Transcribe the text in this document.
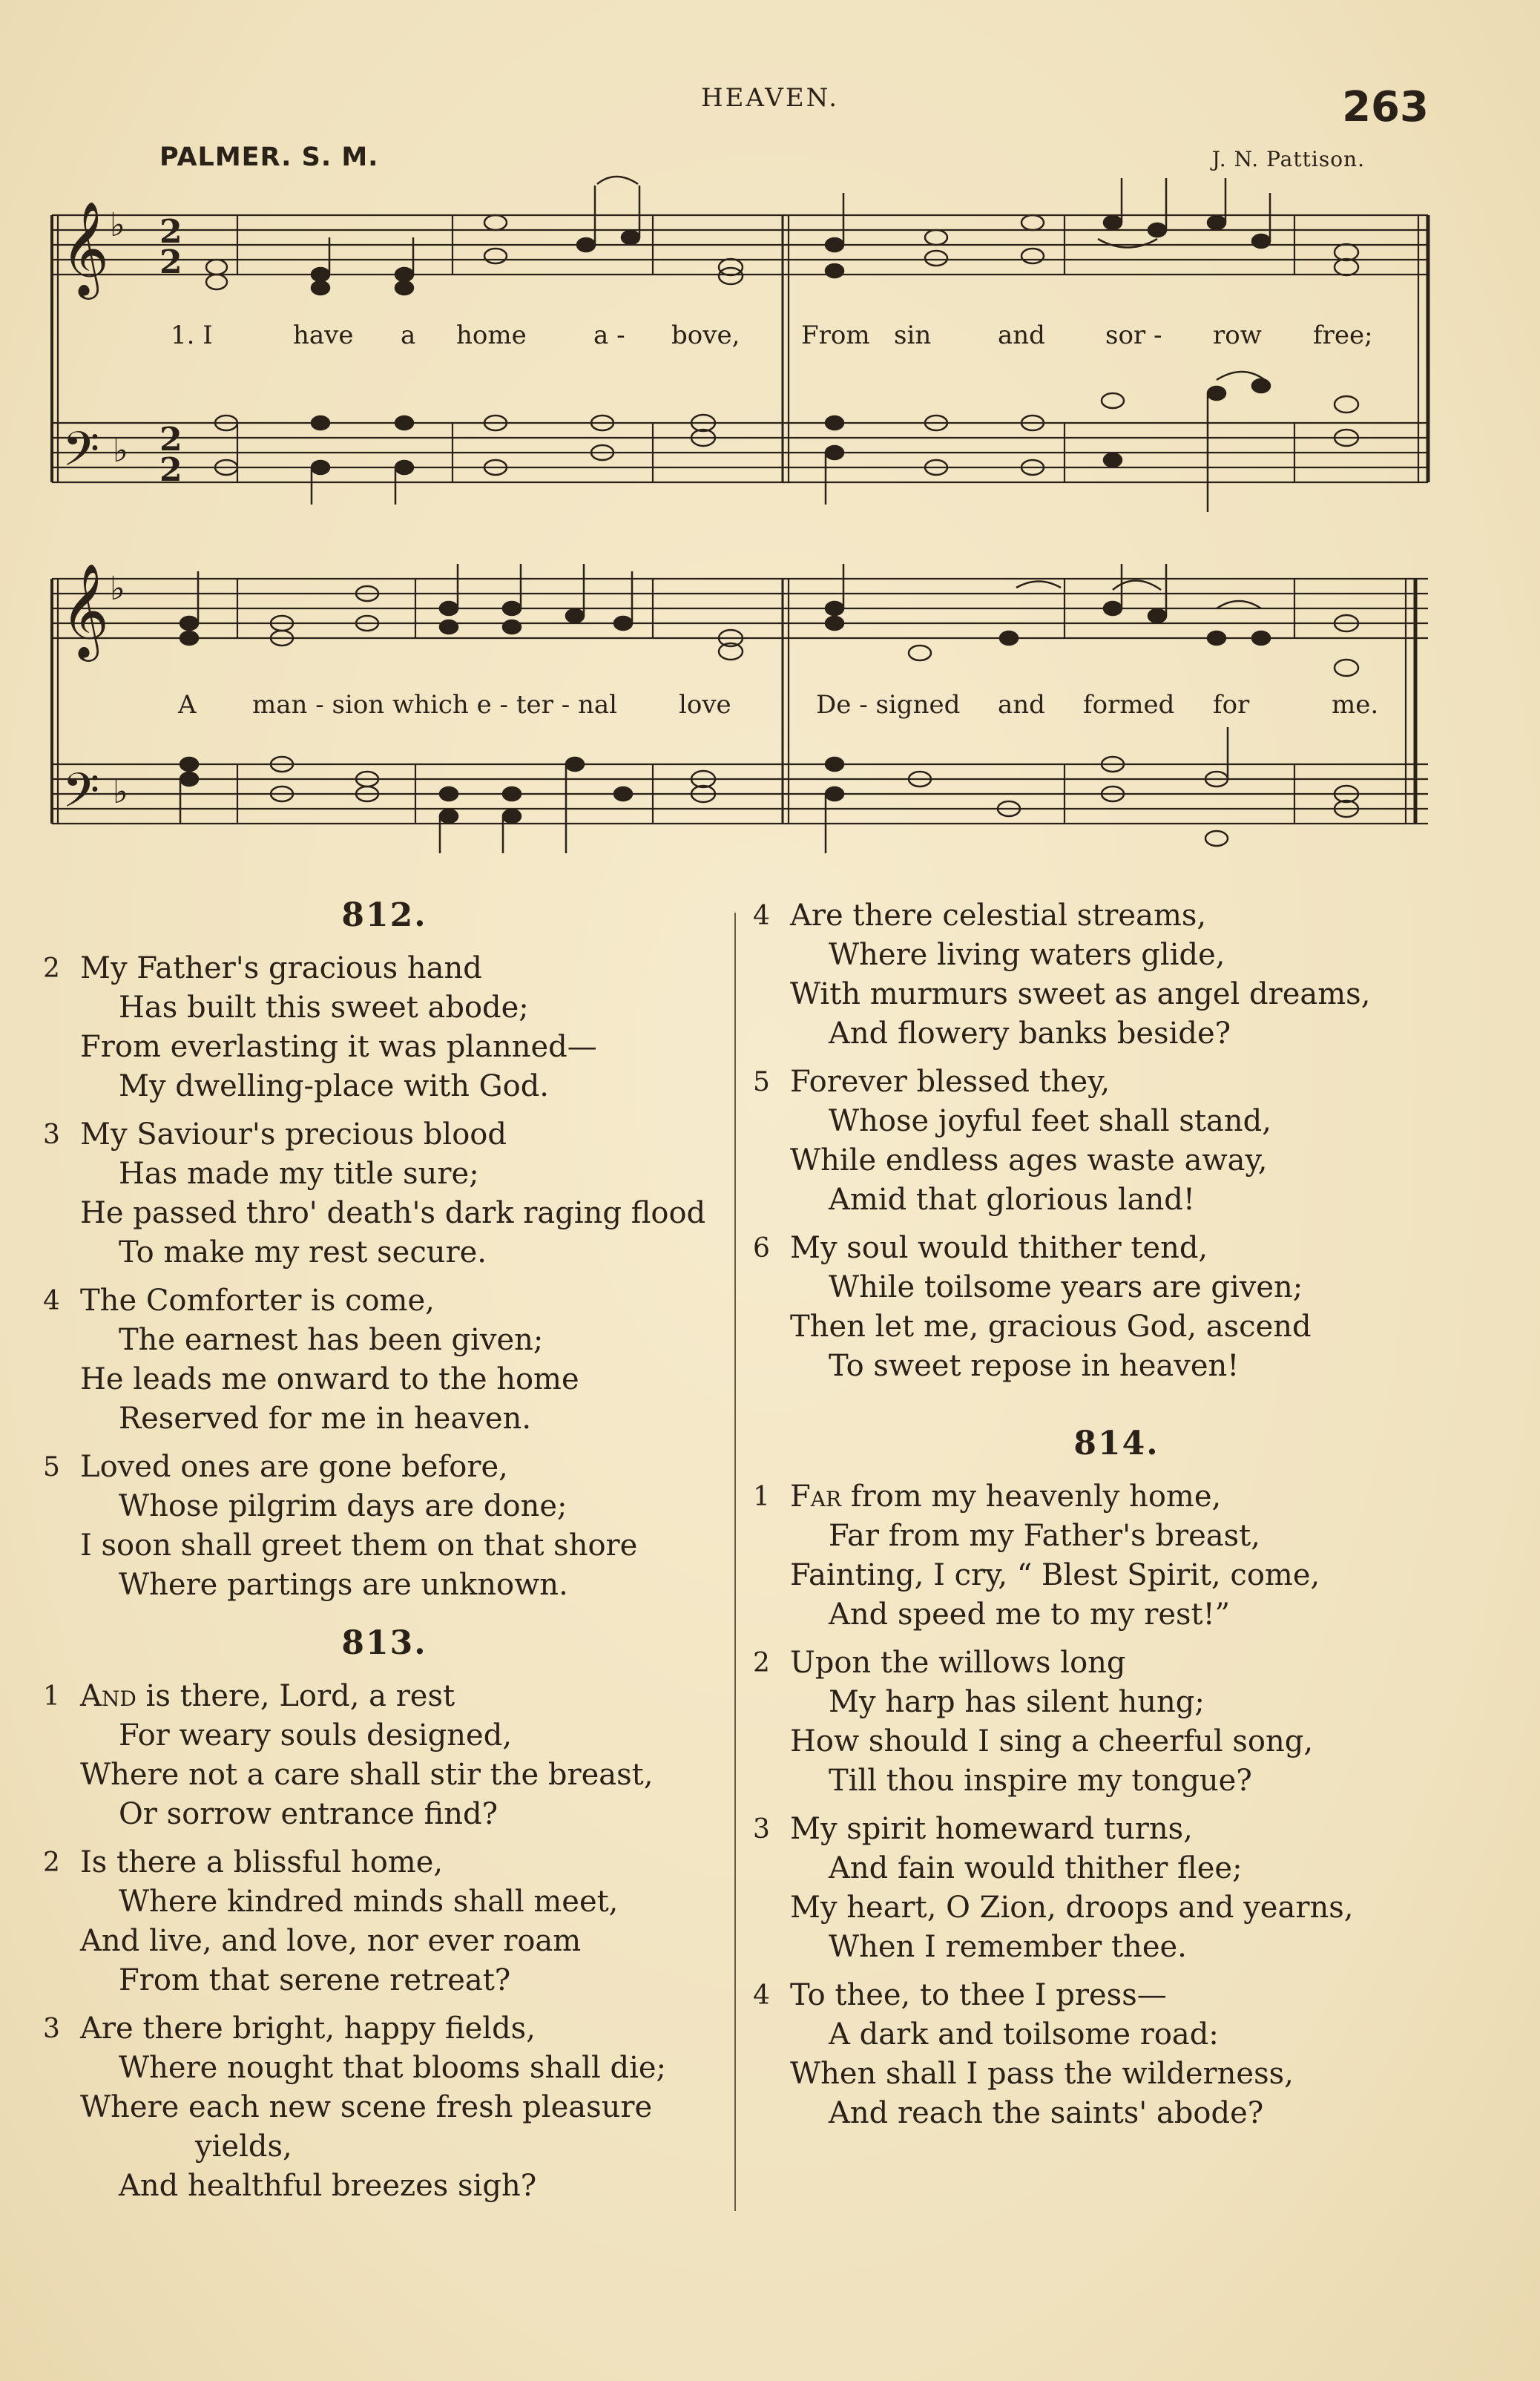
HEAVEN.	263
PALMER. S. M.	J. N. Pattison.
𝄞
𝄞
𝄢
𝄢
♭
♭
♭
♭
2
2
2
2
1. I	have a home	a - bove, From sin	and sor - row free;
A man - sion which e - ter - nal love	De - signed and formed for	me.
812.
2 My Father's gracious hand
Has built this sweet abode;
From everlasting it was planned—
My dwelling-place with God.
3 My Saviour's precious blood
Has made my title sure;
He passed thro' death's dark raging flood
To make my rest secure.
4 The Comforter is come,
The earnest has been given;
He leads me onward to the home
Reserved for me in heaven.
5 Loved ones are gone before,
Whose pilgrim days are done;
I soon shall greet them on that shore
Where partings are unknown.
813.
1 And is there, Lord, a rest
For weary souls designed,
Where not a care shall stir the breast,
Or sorrow entrance find?
2 Is there a blissful home,
Where kindred minds shall meet,
And live, and love, nor ever roam
From that serene retreat?
3 Are there bright, happy fields,
Where nought that blooms shall die;
Where each new scene fresh pleasure
yields,
And healthful breezes sigh?
4 Are there celestial streams,
Where living waters glide,
With murmurs sweet as angel dreams,
And flowery banks beside?
5 Forever blessed they,
Whose joyful feet shall stand,
While endless ages waste away,
Amid that glorious land!
6 My soul would thither tend,
While toilsome years are given;
Then let me, gracious God, ascend
To sweet repose in heaven!
814.
1 Far from my heavenly home,
Far from my Father's breast,
Fainting, I cry, “ Blest Spirit, come,
And speed me to my rest!”
2 Upon the willows long
My harp has silent hung;
How should I sing a cheerful song,
Till thou inspire my tongue?
3 My spirit homeward turns,
And fain would thither flee;
My heart, O Zion, droops and yearns,
When I remember thee.
4 To thee, to thee I press—
A dark and toilsome road:
When shall I pass the wilderness,
And reach the saints' abode?
